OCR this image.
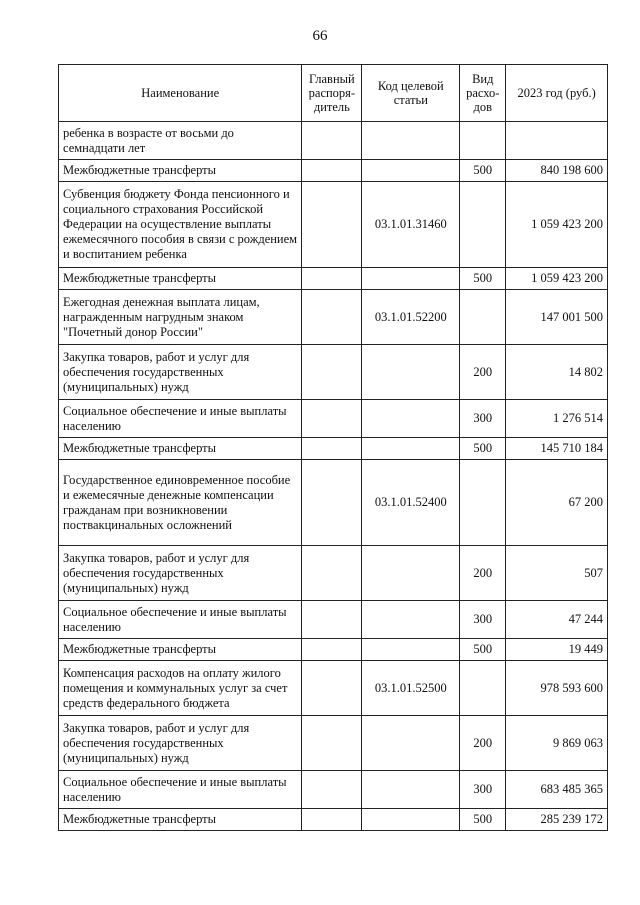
66
Наименование	Главный распоря-дитель	Код целевой статьи	Вид расхо-дов	2023 год (руб.)
ребенка в возрасте от восьми до семнадцати лет				
Межбюджетные трансферты			500	840 198 600
Субвенция бюджету Фонда пенсионного и социального страхования Российской Федерации на осуществление выплаты ежемесячного пособия в связи с рождением и воспитанием ребенка		03.1.01.31460		1 059 423 200
Межбюджетные трансферты			500	1 059 423 200
Ежегодная денежная выплата лицам, награжденным нагрудным знаком "Почетный донор России"		03.1.01.52200		147 001 500
Закупка товаров, работ и услуг для обеспечения государственных (муниципальных) нужд			200	14 802
Социальное обеспечение и иные выплаты населению			300	1 276 514
Межбюджетные трансферты			500	145 710 184
Государственное единовременное пособие и ежемесячные денежные компенсации гражданам при возникновении поствакцинальных осложнений		03.1.01.52400		67 200
Закупка товаров, работ и услуг для обеспечения государственных (муниципальных) нужд			200	507
Социальное обеспечение и иные выплаты населению			300	47 244
Межбюджетные трансферты			500	19 449
Компенсация расходов на оплату жилого помещения и коммунальных услуг за счет средств федерального бюджета		03.1.01.52500		978 593 600
Закупка товаров, работ и услуг для обеспечения государственных (муниципальных) нужд			200	9 869 063
Социальное обеспечение и иные выплаты населению			300	683 485 365
Межбюджетные трансферты			500	285 239 172
